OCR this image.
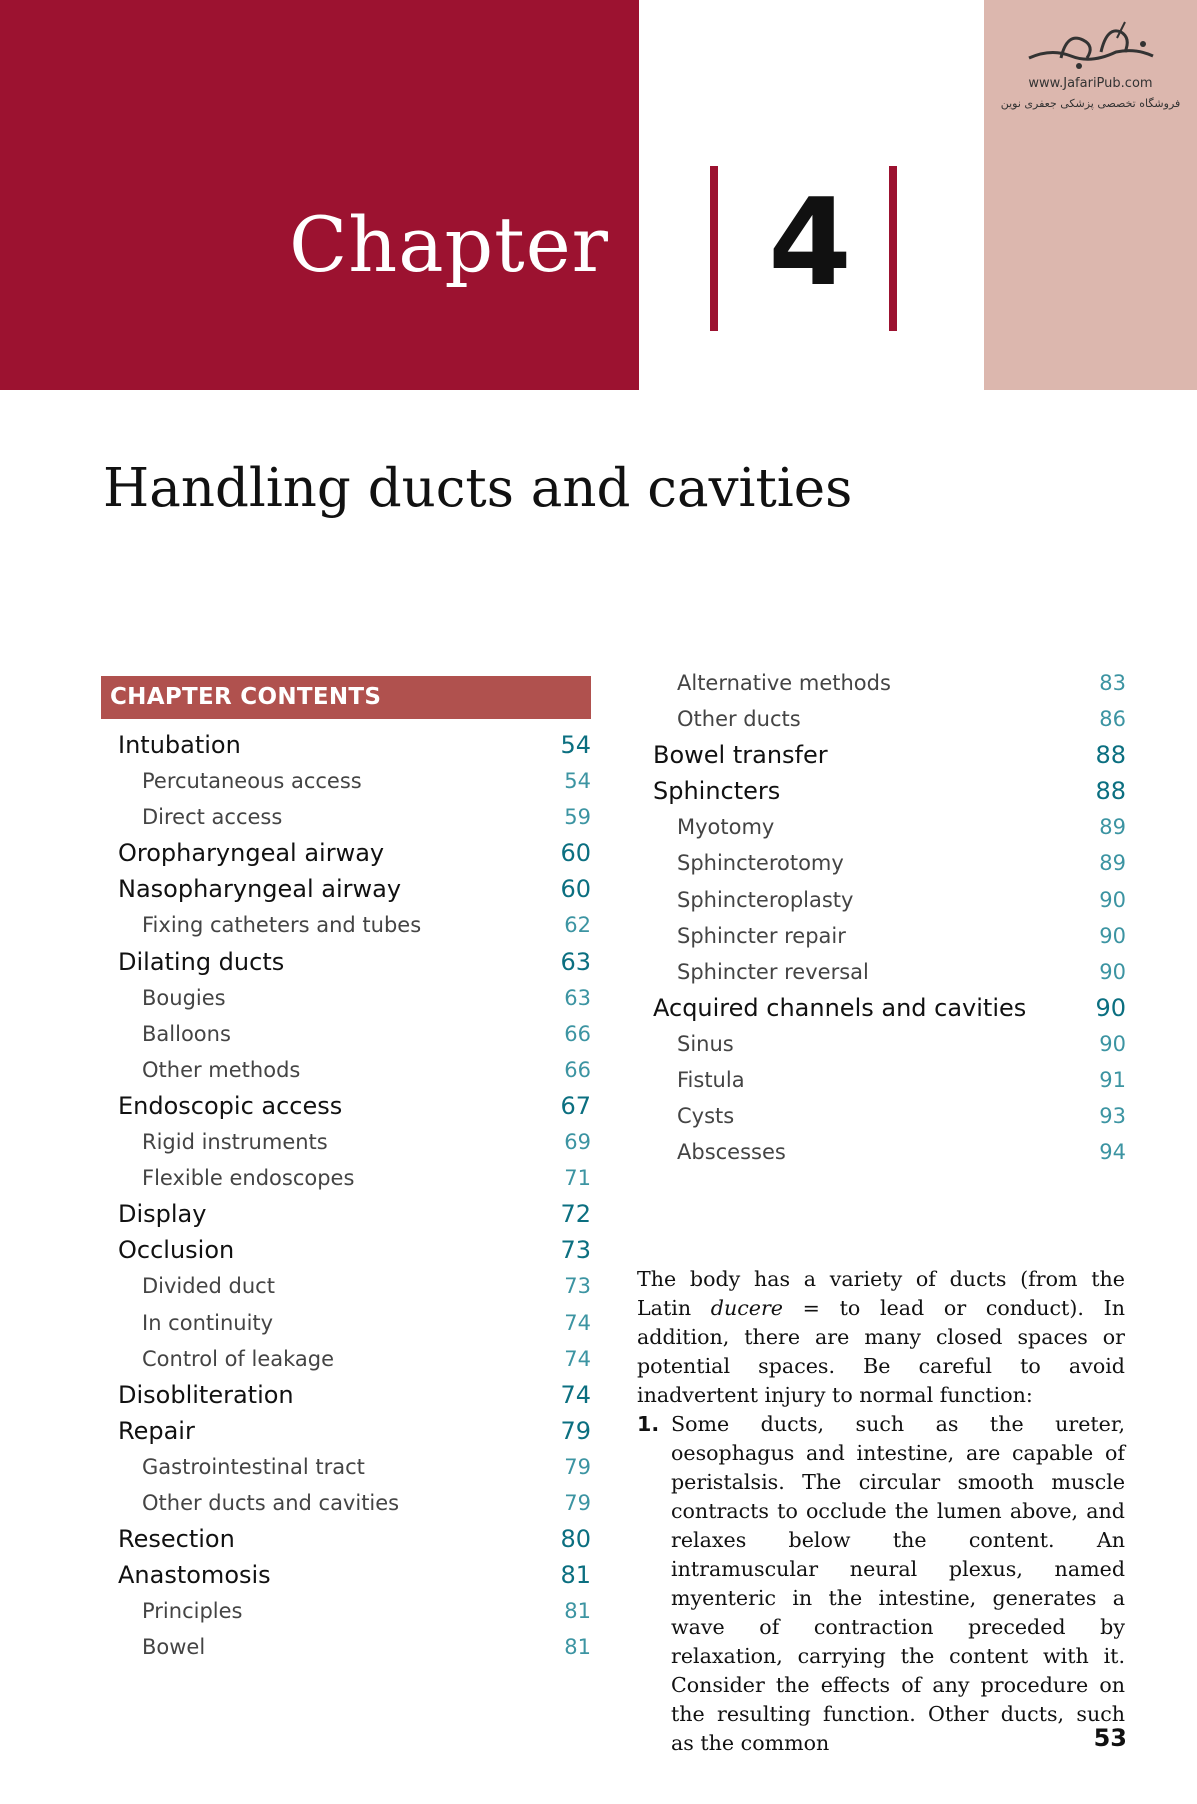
Chapter	4
www.JafariPub.com
فروشگاه تخصصی پزشکی جعفری نوین
Handling ducts and cavities
CHAPTER CONTENTS
Intubation	54
Percutaneous access	54
Direct access	59
Oropharyngeal airway	60
Nasopharyngeal airway	60
Fixing catheters and tubes	62
Dilating ducts	63
Bougies	63
Balloons	66
Other methods	66
Endoscopic access	67
Rigid instruments	69
Flexible endoscopes	71
Display	72
Occlusion	73
Divided duct	73
In continuity	74
Control of leakage	74
Disobliteration	74
Repair	79
Gastrointestinal tract	79
Other ducts and cavities	79
Resection	80
Anastomosis	81
Principles	81
Bowel	81
Alternative methods	83
Other ducts	86
Bowel transfer	88
Sphincters	88
Myotomy	89
Sphincterotomy	89
Sphincteroplasty	90
Sphincter repair	90
Sphincter reversal	90
Acquired channels and cavities	90
Sinus	90
Fistula	91
Cysts	93
Abscesses	94

The body has a variety of ducts (from the Latin ducere = to lead or conduct). In addition, there are many closed spaces or potential spaces. Be careful to avoid inadvertent injury to normal function:

1. Some ducts, such as the ureter, oesophagus and intestine, are capable of peristalsis. The circular smooth muscle contracts to occlude the lumen above, and relaxes below the content. An intramuscular neural plexus, named myenteric in the intestine, generates a wave of contraction preceded by relaxation, carrying the content with it. Consider the effects of any procedure on the resulting function. Other ducts, such as the common	53
